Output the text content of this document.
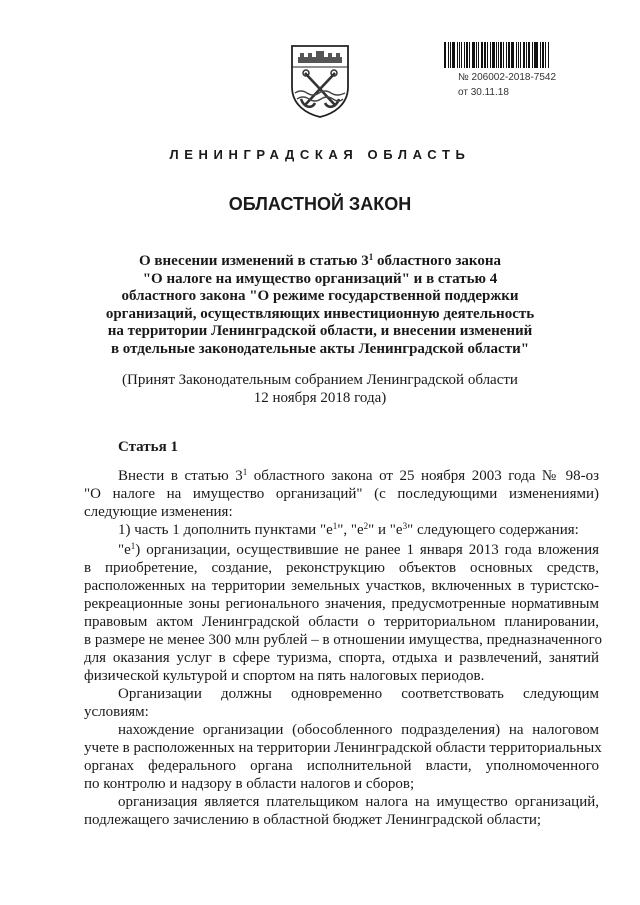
№ 206002-2018-7542
от 30.11.18
ЛЕНИНГРАДСКАЯ ОБЛАСТЬ
ОБЛАСТНОЙ ЗАКОН
О внесении изменений в статью $3^1$ областного закона
"О налоге на имущество организаций" и в статью 4
областного закона "О режиме государственной поддержки
организаций, осуществляющих инвестиционную деятельность
на территории Ленинградской области, и внесении изменений
в отдельные законодательные акты Ленинградской области"
(Принят Законодательным собранием Ленинградской области
12 ноября 2018 года)
Статья 1
Внести в статью $3^1$ областного закона от 25 ноября 2003 года № 98-оз
"О налоге на имущество организаций" (с последующими изменениями)
следующие изменения:
1) часть 1 дополнить пунктами "$е^1$", "$е^2$" и "$е^3$" следующего содержания:
"$е^1$) организации, осуществившие не ранее 1 января 2013 года вложения
в приобретение, создание, реконструкцию объектов основных средств,
расположенных на территории земельных участков, включенных в туристско-
рекреационные зоны регионального значения, предусмотренные нормативным
правовым актом Ленинградской области о территориальном планировании,
в размере не менее 300 млн рублей – в отношении имущества, предназначенного
для оказания услуг в сфере туризма, спорта, отдыха и развлечений, занятий
физической культурой и спортом на пять налоговых периодов.
Организации должны одновременно соответствовать следующим
условиям:
нахождение организации (обособленного подразделения) на налоговом
учете в расположенных на территории Ленинградской области территориальных
органах федерального органа исполнительной власти, уполномоченного
по контролю и надзору в области налогов и сборов;
организация является плательщиком налога на имущество организаций,
подлежащего зачислению в областной бюджет Ленинградской области;
